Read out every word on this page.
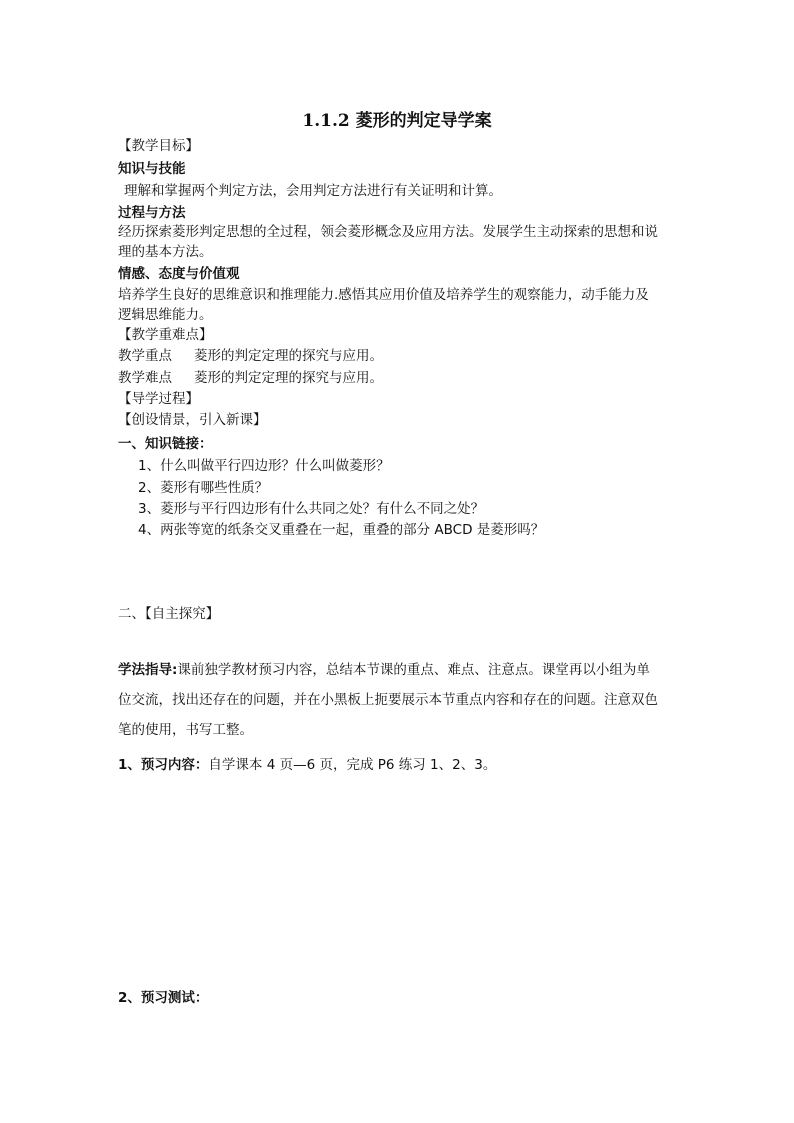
1.1.2 菱形的判定导学案
【教学目标】
知识与技能
理解和掌握两个判定方法，会用判定方法进行有关证明和计算。
过程与方法
经历探索菱形判定思想的全过程，领会菱形概念及应用方法。发展学生主动探索的思想和说
理的基本方法。
情感、态度与价值观
培养学生良好的思维意识和推理能力.感悟其应用价值及培养学生的观察能力，动手能力及
逻辑思维能力。
【教学重难点】
教学重点 菱形的判定定理的探究与应用。
教学难点 菱形的判定定理的探究与应用。
【导学过程】
【创设情景，引入新课】
一、知识链接：
1、什么叫做平行四边形？什么叫做菱形？
2、菱形有哪些性质？
3、菱形与平行四边形有什么共同之处？有什么不同之处？
4、两张等宽的纸条交叉重叠在一起，重叠的部分 ABCD 是菱形吗？
二、【自主探究】
学法指导:课前独学教材预习内容，总结本节课的重点、难点、注意点。课堂再以小组为单
位交流，找出还存在的问题，并在小黑板上扼要展示本节重点内容和存在的问题。注意双色
笔的使用，书写工整。
1、预习内容：自学课本 4 页—6 页，完成 P6 练习 1、2、3。
2、预习测试：
